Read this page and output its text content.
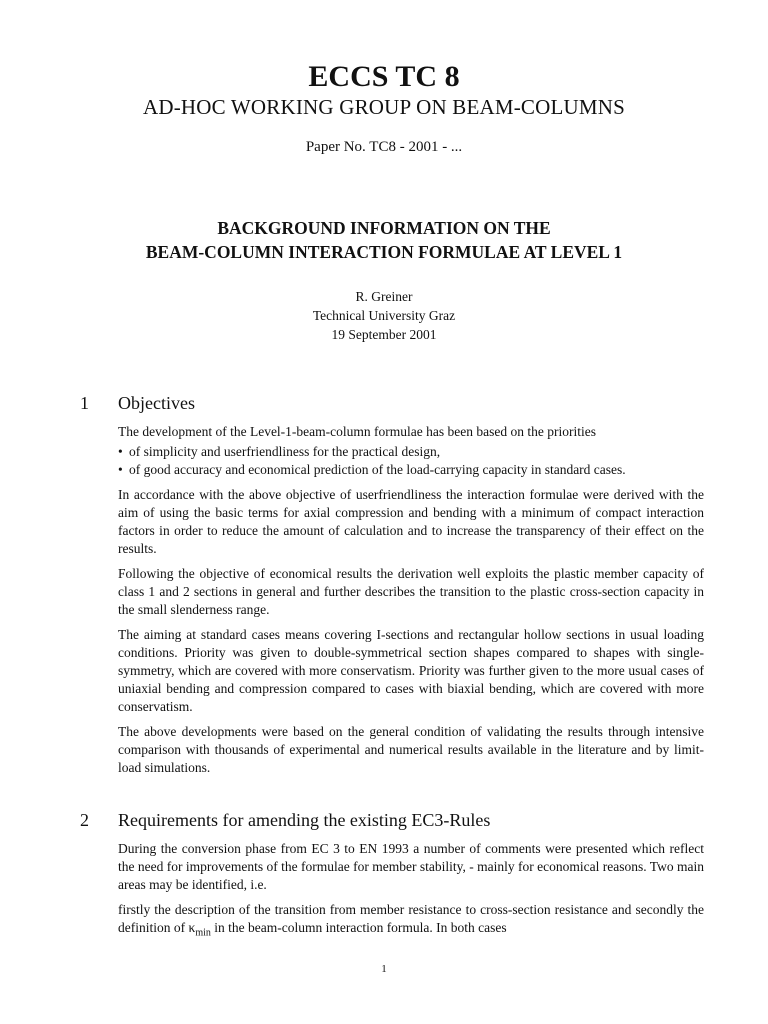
ECCS TC 8
AD-HOC WORKING GROUP ON BEAM-COLUMNS
Paper No. TC8 - 2001 - ...
BACKGROUND INFORMATION ON THE
BEAM-COLUMN INTERACTION FORMULAE AT LEVEL 1
R. Greiner
Technical University Graz
19 September 2001
1 Objectives

The development of the Level-1-beam-column formulae has been based on the priorities

• of simplicity and userfriendliness for the practical design,
• of good accuracy and economical prediction of the load-carrying capacity in standard cases.

In accordance with the above objective of userfriendliness the interaction formulae were derived with the aim of using the basic terms for axial compression and bending with a minimum of compact interaction factors in order to reduce the amount of calculation and to increase the transparency of their effect on the results.

Following the objective of economical results the derivation well exploits the plastic member capacity of class 1 and 2 sections in general and further describes the transition to the plastic cross-section capacity in the small slenderness range.

The aiming at standard cases means covering I-sections and rectangular hollow sections in usual loading conditions. Priority was given to double-symmetrical section shapes compared to shapes with single-symmetry, which are covered with more conservatism. Priority was further given to the more usual cases of uniaxial bending and compression compared to cases with biaxial bending, which are covered with more conservatism.

The above developments were based on the general condition of validating the results through intensive comparison with thousands of experimental and numerical results available in the literature and by limit-load simulations.

2 Requirements for amending the existing EC3-Rules

During the conversion phase from EC 3 to EN 1993 a number of comments were presented which reflect the need for improvements of the formulae for member stability, - mainly for economical reasons. Two main areas may be identified, i.e.

firstly the description of the transition from member resistance to cross-section resistance and secondly the definition of $\kappa_{min}$ in the beam-column interaction formula. In both cases

1
